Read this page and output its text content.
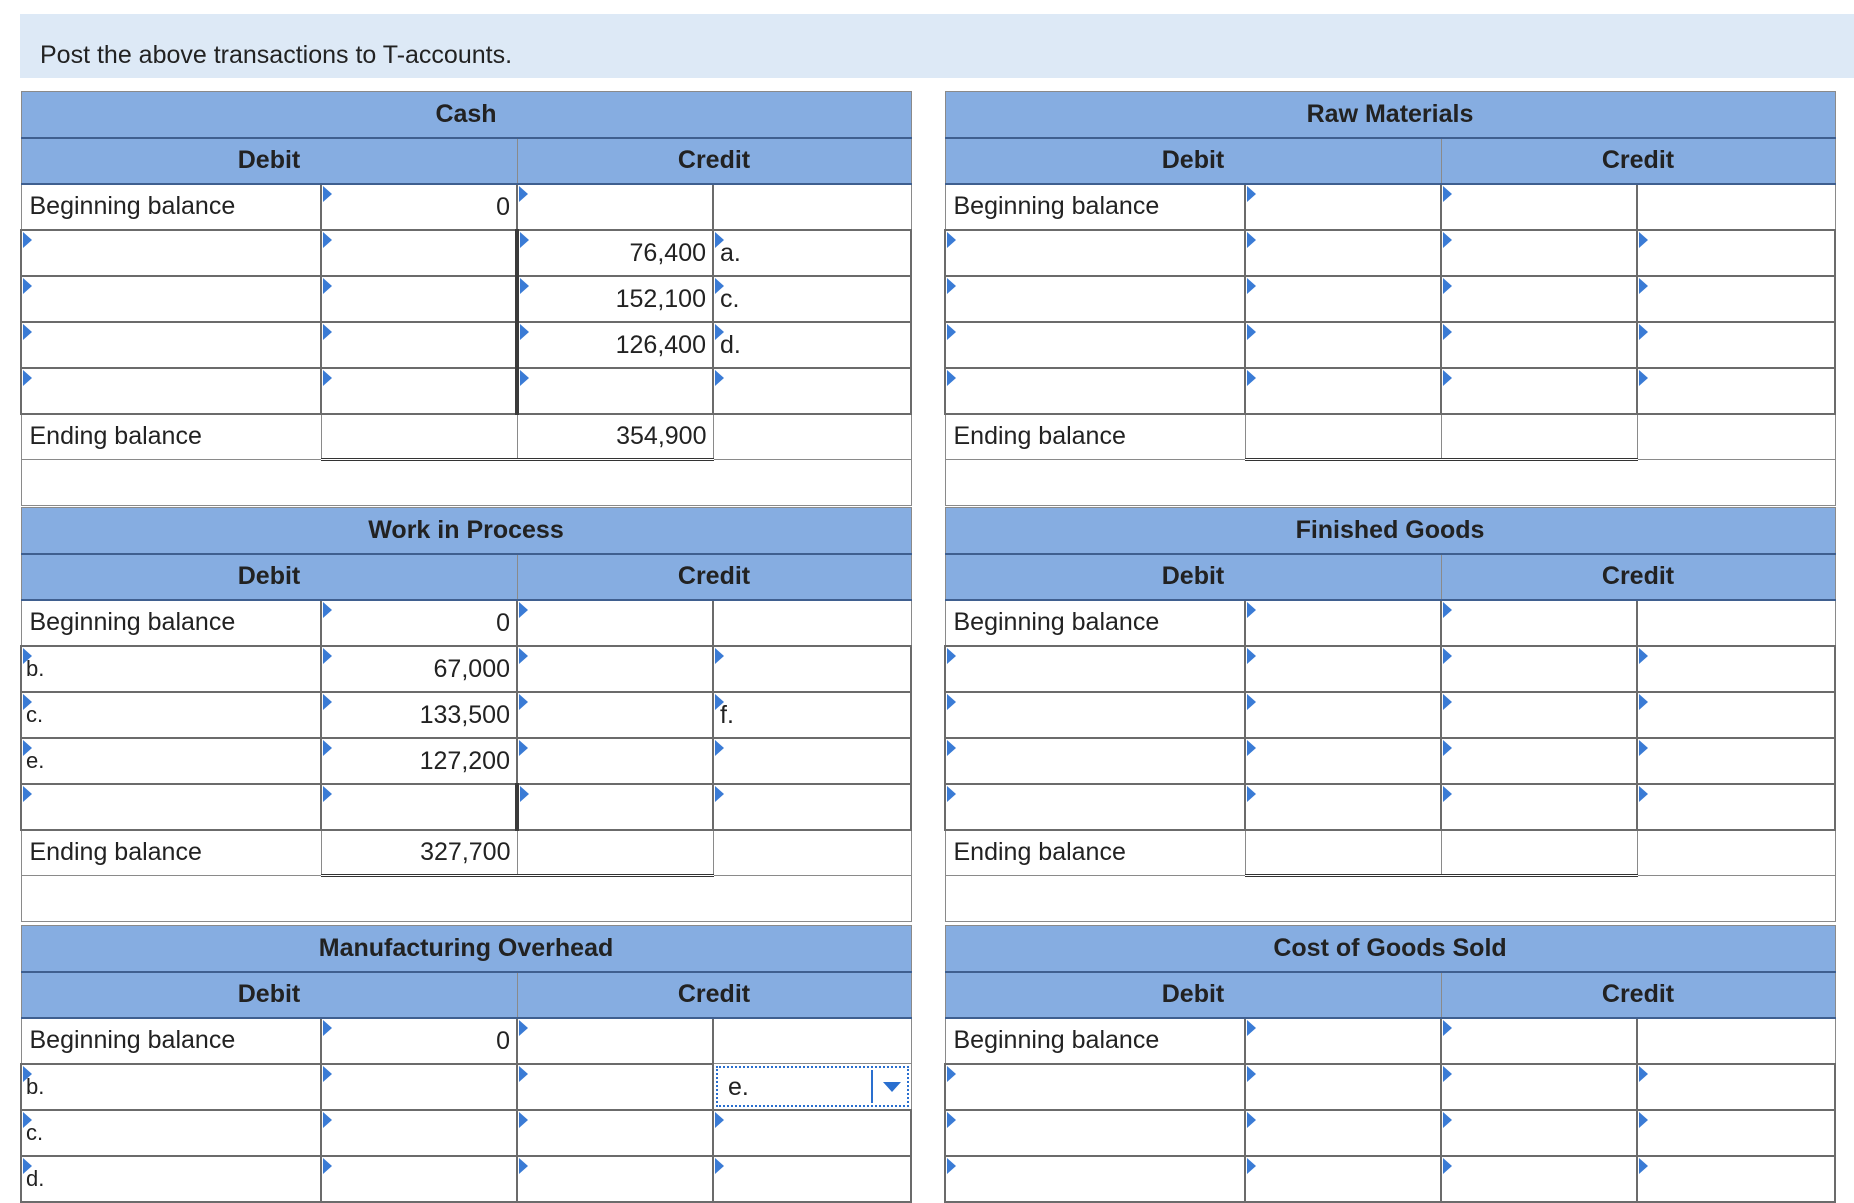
Post the above transactions to T-accounts.
Cash			
Debit		Credit	
Beginning balance	0		

		76,400	a.

		152,100	c.

		126,400	d.

Ending balance		354,900	

Raw Materials			
Debit		Credit	
Beginning balance	

Ending balance			

Work in Process			
Debit		Credit	
Beginning balance	0		

b.	67,000		

c.	133,500		f.

e.	127,200		

Ending balance	327,700		

Finished Goods			
Debit		Credit	
Beginning balance	

Ending balance			

Manufacturing Overhead			
Debit		Credit	
Beginning balance	0		

b.			e.

c.	

d.	

Cost of Goods Sold			
Debit		Credit	
Beginning balance	
